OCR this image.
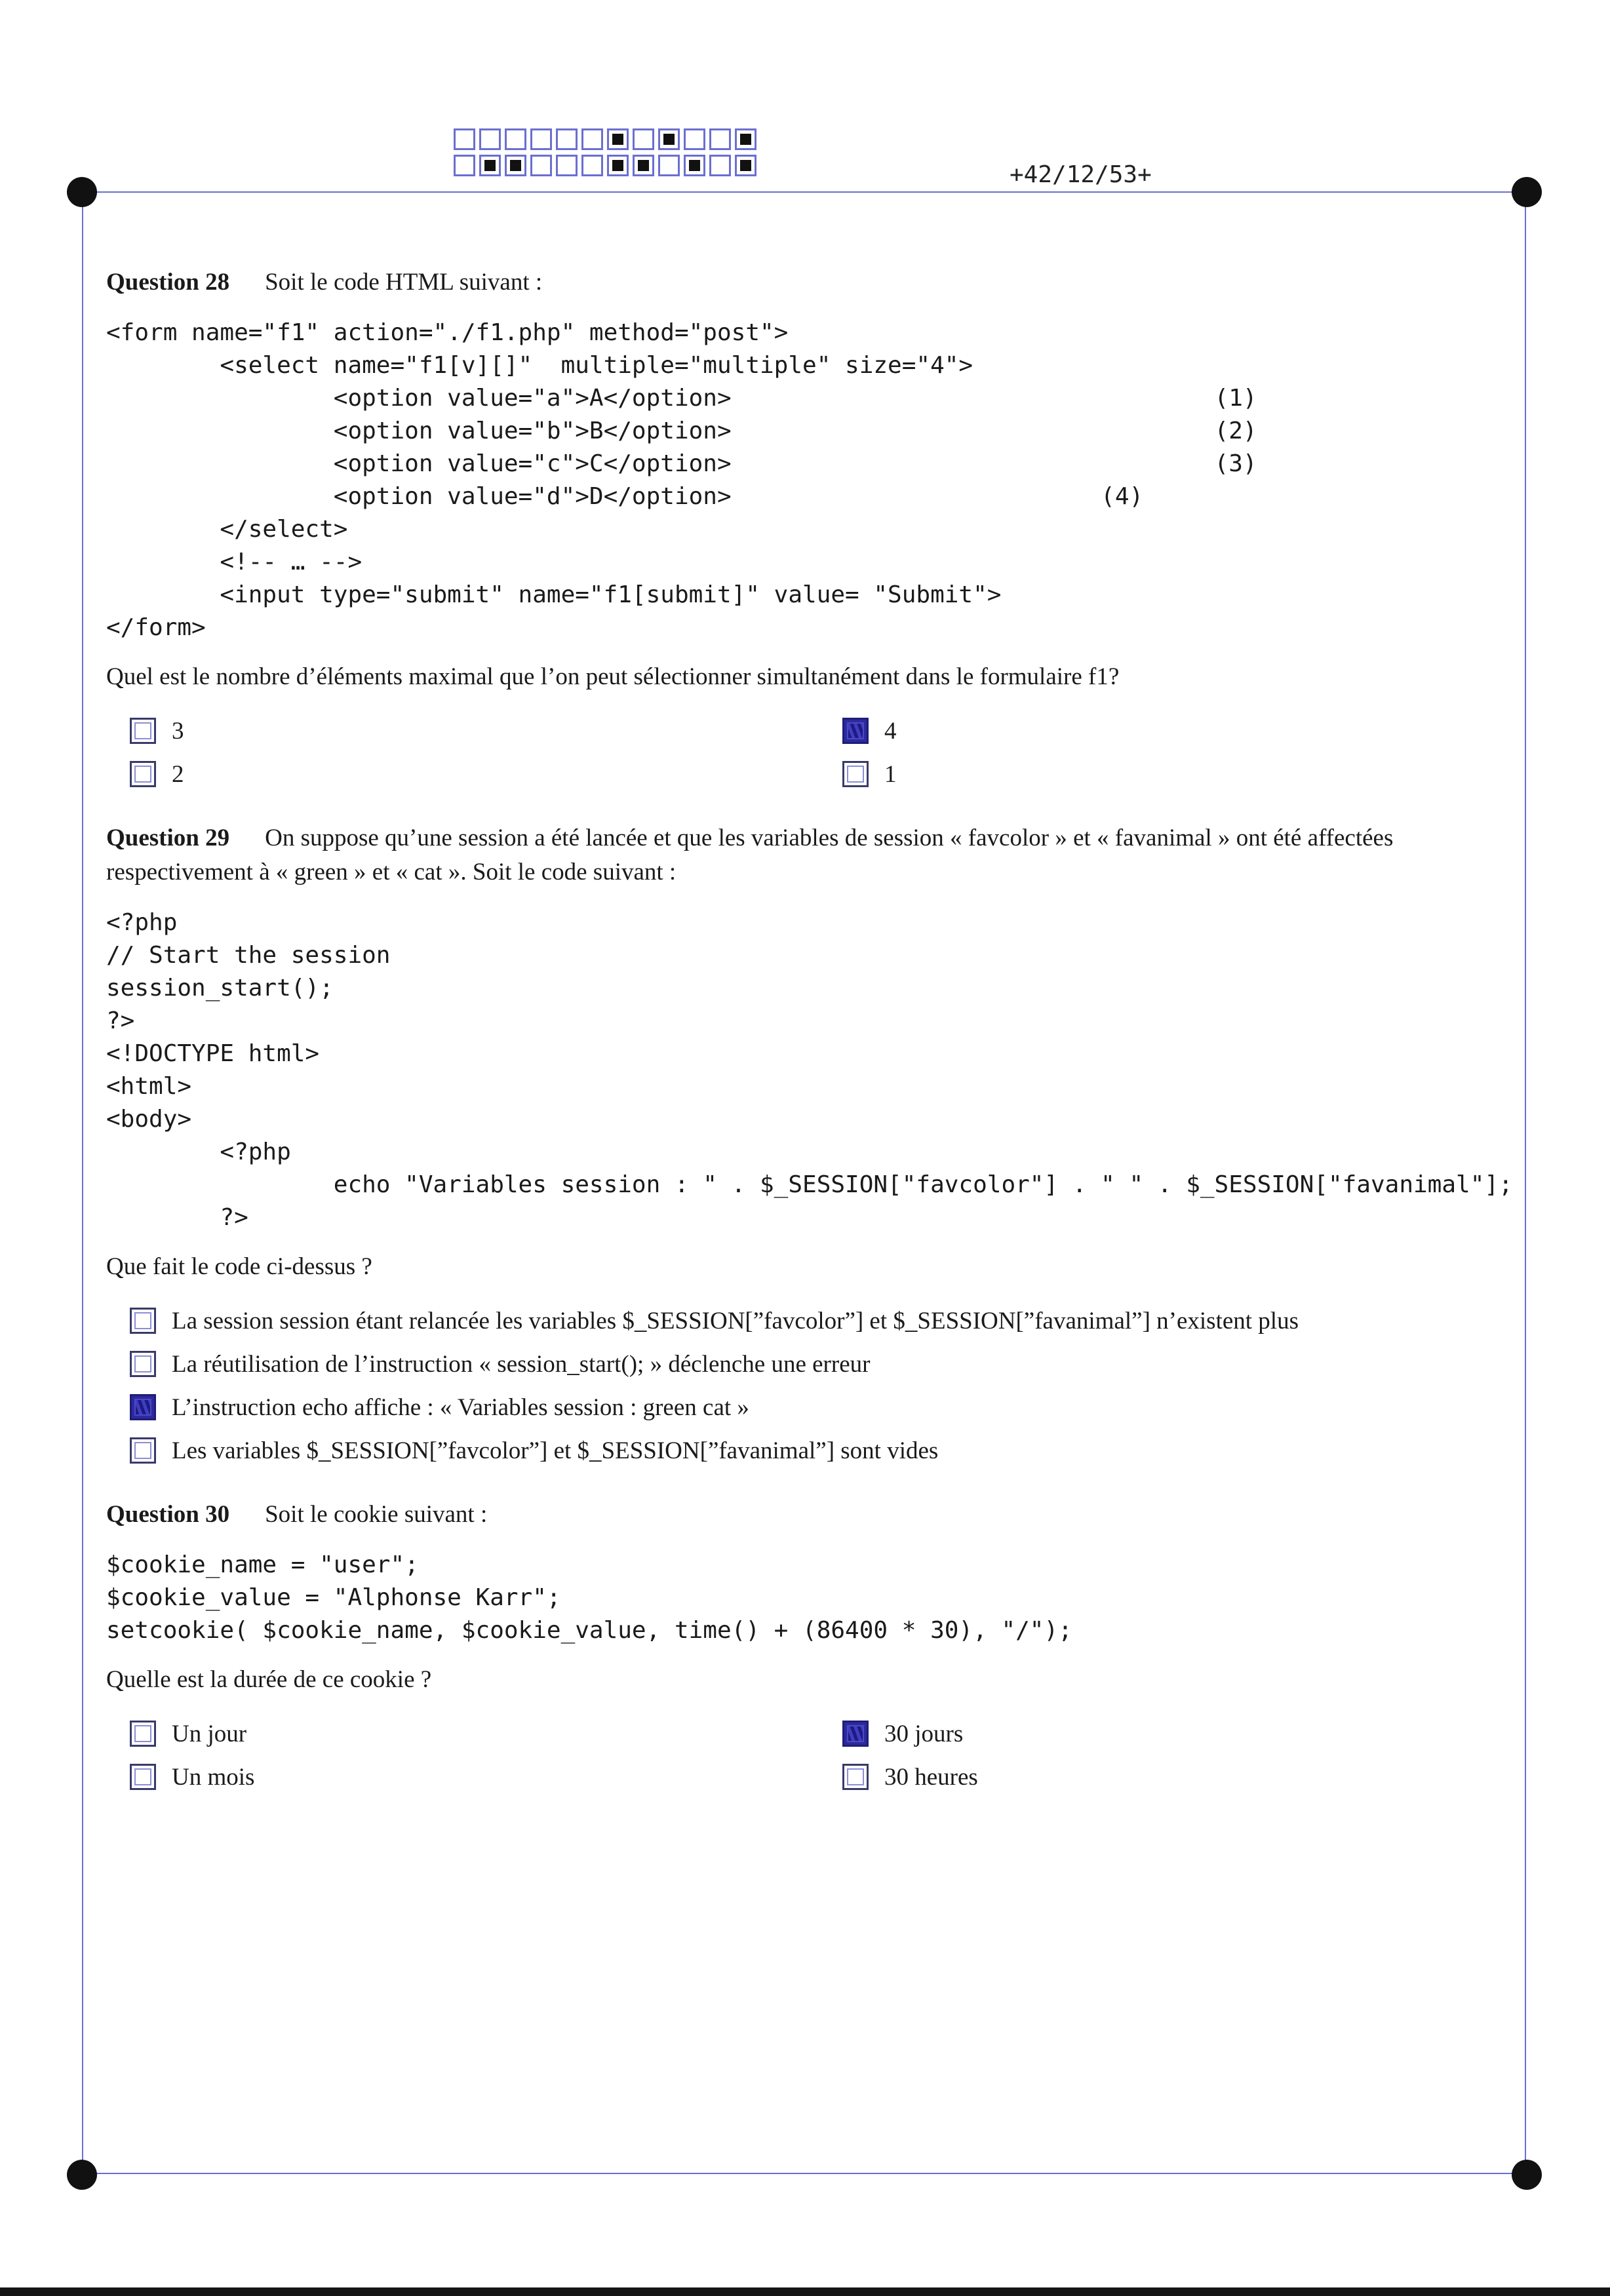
+42/12/53+

Question 28 Soit le code HTML suivant :

<form name="f1" action="./f1.php" method="post">
<select name="f1[v][]"  multiple="multiple" size="4">
<option value="a">A</option>                                  (1)
<option value="b">B</option>                                  (2)
<option value="c">C</option>                                  (3)
<option value="d">D</option>                          (4)
</select>
<!-- … -->
<input type="submit" name="f1[submit]" value= "Submit">
</form>

Quel est le nombre d’éléments maximal que l’on peut sélectionner simultanément dans le formulaire f1?

3	4
2	1

Question 29 On suppose qu’une session a été lancée et que les variables de session « favcolor » et « favanimal » ont été affectées respectivement à « green » et « cat ». Soit le code suivant :

<?php
// Start the session
session_start();
?>
<!DOCTYPE html>
<html>
<body>
<?php
echo "Variables session : " . $_SESSION["favcolor"] . " " . $_SESSION["favanimal"];
?>

Que fait le code ci-dessus ?

La session session étant relancée les variables $_SESSION[”favcolor”] et $_SESSION[”favanimal”] n’existent plus
La réutilisation de l’instruction « session_start(); » déclenche une erreur
L’instruction echo affiche : « Variables session : green cat »
Les variables $_SESSION[”favcolor”] et $_SESSION[”favanimal”] sont vides

Question 30 Soit le cookie suivant :

$cookie_name = "user";
$cookie_value = "Alphonse Karr";
setcookie( $cookie_name, $cookie_value, time() + (86400 * 30), "/");

Quelle est la durée de ce cookie ?

Un jour	30 jours
Un mois	30 heures
